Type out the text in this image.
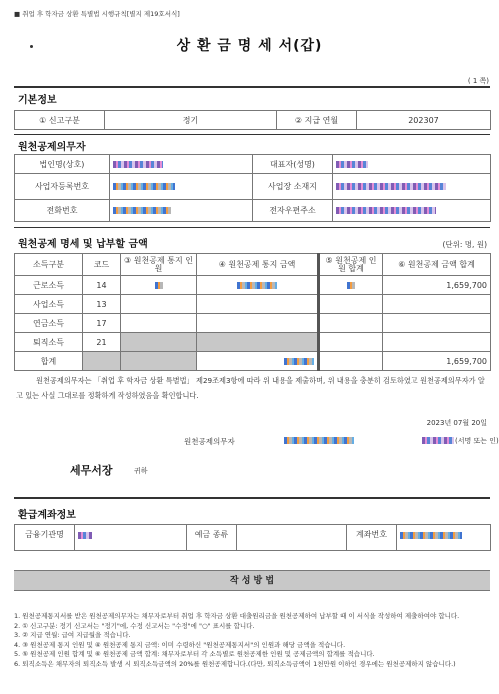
■ 취업 후 학자금 상환 특별법 시행규칙[별지 제19호서식]
상 환 금 명 세 서(갑)
( 1 쪽)
기본정보
① 신고구분	정기	② 지급 연월	202307
원천공제의무자
법인명(상호)		대표자(성명)	
사업자등록번호		사업장 소재지	
전화번호		전자우편주소	
원천공제 명세 및 납부할 금액	(단위: 명, 원)
소득구분	코드	③ 원천공제 통지 인원	④ 원천공제 통지 금액	⑤ 원천공제 인원 합계	⑥ 원천공제 금액 합계
근로소득	14				1,659,700
사업소득	13				
연금소득	17				
퇴직소득	21				
합계					1,659,700
원천공제의무자는 「취업 후 학자금 상환 특별법」 제29조제3항에 따라 위 내용을 제출하며, 위 내용을 충분히 검토하였고 원천공제의무자가 알고 있는 사실 그대로를 정확하게 작성하였음을 확인합니다.
2023년 07월 20일
원천공제의무자	(서명 또는 인)
세무서장	귀하
환급계좌정보
금융기관명		예금 종류		계좌번호	
작 성 방 법
1. 원천공제통지서를 받은 원천공제의무자는 채무자로부터 취업 후 학자금 상환 대출원리금을 원천공제하여 납부할 때 이 서식을 작성하여 제출하여야 합니다.
2. ① 신고구분: 정기 신고서는 "정기"에, 수정 신고서는 "수정"에 "○" 표시를 합니다.
3. ② 지급 연월: 급여 지급월을 적습니다.
4. ③ 원천공제 통지 인원 및 ④ 원천공제 통지 금액: 이미 수령하신 "원천공제통지서"의 인원과 해당 금액을 적습니다.
5. ⑤ 원천공제 인원 합계 및 ⑥ 원천공제 금액 합계: 채무자로부터 각 소득별로 원천공제한 인원 및 공제금액의 합계를 적습니다.
6. 퇴직소득은 채무자의 퇴직소득 발생 시 퇴직소득금액의 20%를 원천공제합니다.(다만, 퇴직소득금액이 1천만원 이하인 경우에는 원천공제하지 않습니다.)
